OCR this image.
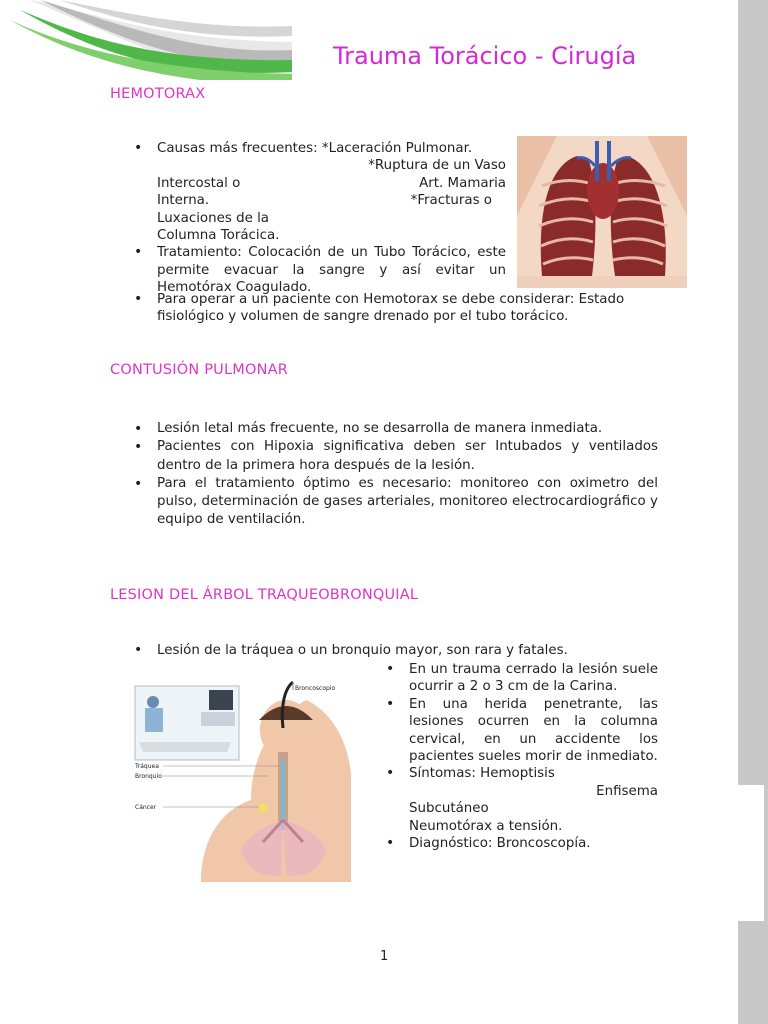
Trauma Torácico - Cirugía
HEMOTORAX
• Causas más frecuentes: *Laceración Pulmonar.

*Ruptura de un Vaso
Intercostal o	Art. Mamaria
Interna.	*Fracturas o
Luxaciones de la
Columna Torácica.
• Tratamiento: Colocación de un Tubo Torácico, este permite evacuar la sangre y así evitar un Hemotórax Coagulado.
• Para operar a un paciente con Hemotorax se debe considerar: Estado fisiológico y volumen de sangre drenado por el tubo torácico.
CONTUSIÓN PULMONAR
• Lesión letal más frecuente, no se desarrolla de manera inmediata.
• Pacientes con Hipoxia significativa deben ser Intubados y ventilados dentro de la primera hora después de la lesión.
• Para el tratamiento óptimo es necesario: monitoreo con oximetro del pulso, determinación de gases arteriales, monitoreo electrocardiográfico y equipo de ventilación.
LESION DEL ÁRBOL TRAQUEOBRONQUIAL
• Lesión de la tráquea o un bronquio mayor, son rara y fatales.
• En un trauma cerrado la lesión suele ocurrir a 2 o 3 cm de la Carina.
• En una herida penetrante, las lesiones ocurren en la columna cervical, en un accidente los pacientes sueles morir de inmediato.
• Síntomas: Hemoptisis
Enfisema
Subcutáneo
Neumotórax a tensión.
• Diagnóstico: Broncoscopía.
Broncoscopio
Tráquea
Bronquio
Cáncer
1
